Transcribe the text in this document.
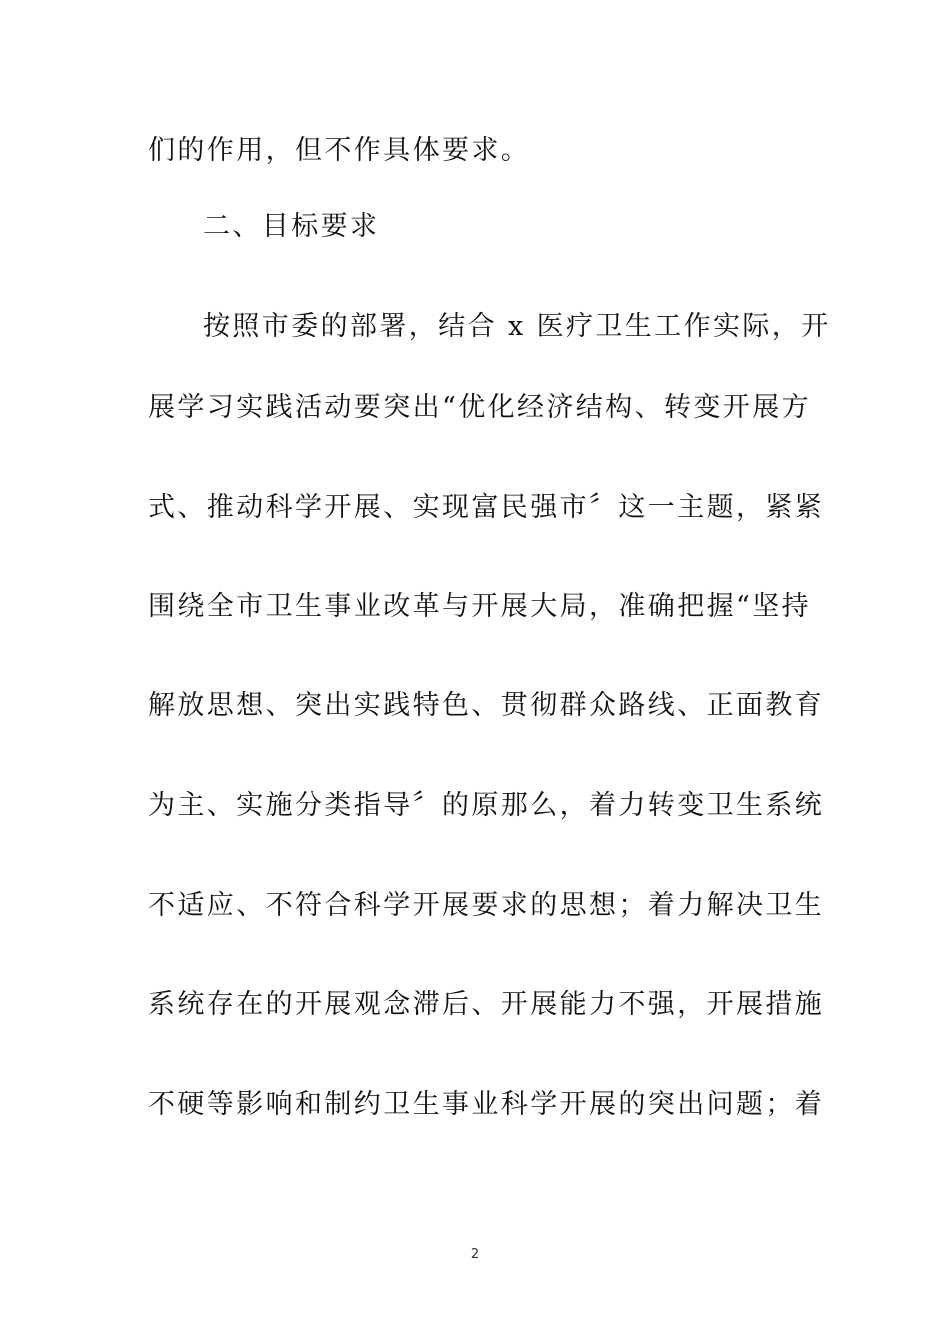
们的作用，但不作具体要求。
二、目标要求
按照市委的部署，结合 x 医疗卫生工作实际，开
展学习实践活动要突出“优化经济结构、转变开展方
式、推动科学开展、实现富民强市〞这一主题，紧紧
围绕全市卫生事业改革与开展大局，准确把握“坚持
解放思想、突出实践特色、贯彻群众路线、正面教育
为主、实施分类指导〞的原那么，着力转变卫生系统
不适应、不符合科学开展要求的思想；着力解决卫生
系统存在的开展观念滞后、开展能力不强，开展措施
不硬等影响和制约卫生事业科学开展的突出问题；着
2
